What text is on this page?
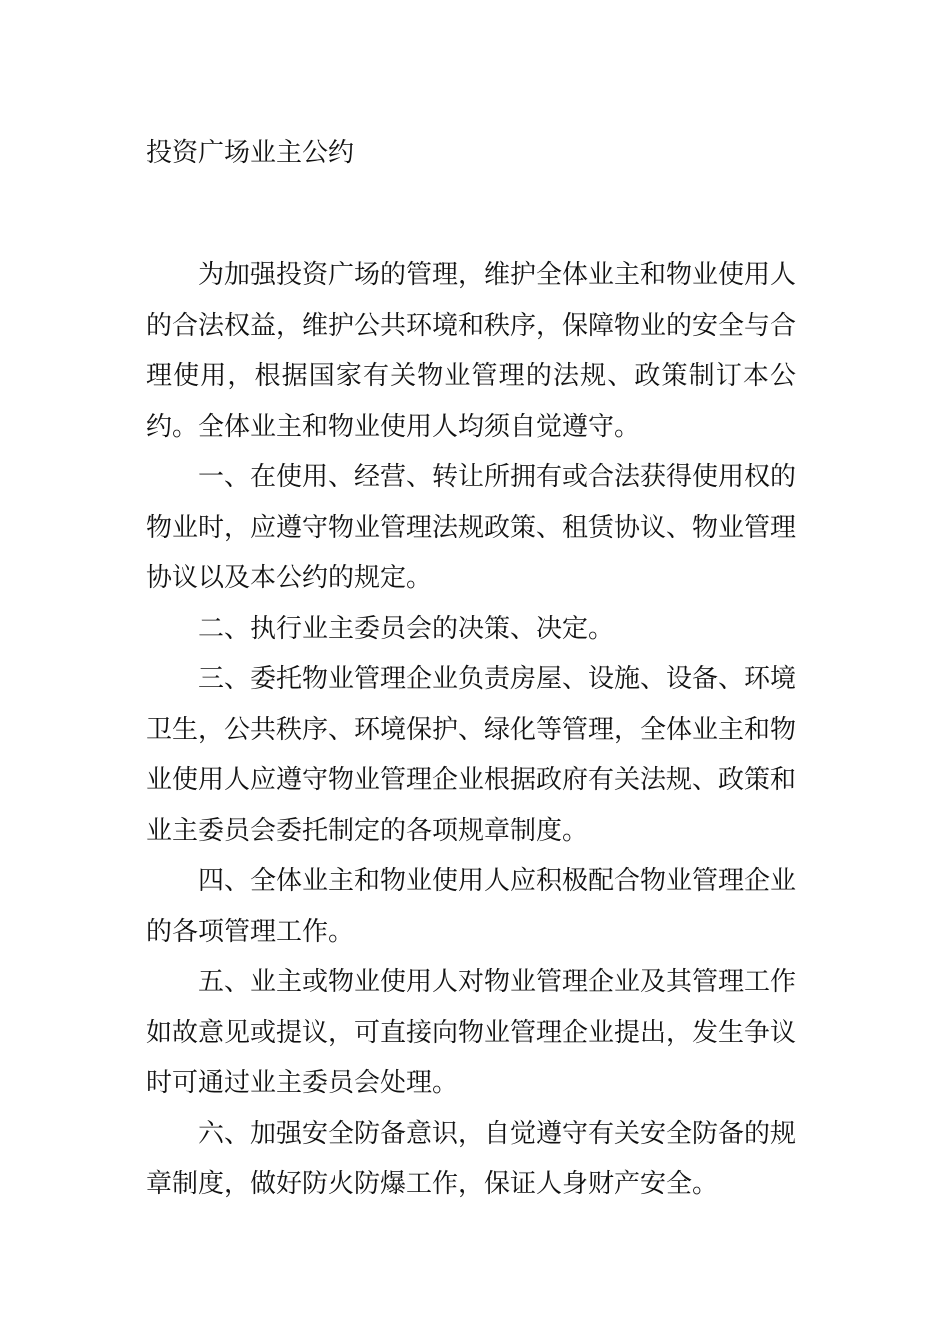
投资广场业主公约

为加强投资广场的管理，维护全体业主和物业使用人的合法权益，维护公共环境和秩序，保障物业的安全与合理使用，根据国家有关物业管理的法规、政策制订本公约。全体业主和物业使用人均须自觉遵守。

一、在使用、经营、转让所拥有或合法获得使用权的物业时，应遵守物业管理法规政策、租赁协议、物业管理协议以及本公约的规定。

二、执行业主委员会的决策、决定。

三、委托物业管理企业负责房屋、设施、设备、环境卫生，公共秩序、环境保护、绿化等管理，全体业主和物业使用人应遵守物业管理企业根据政府有关法规、政策和业主委员会委托制定的各项规章制度。

四、全体业主和物业使用人应积极配合物业管理企业的各项管理工作。

五、业主或物业使用人对物业管理企业及其管理工作如故意见或提议，可直接向物业管理企业提出，发生争议时可通过业主委员会处理。

六、加强安全防备意识，自觉遵守有关安全防备的规章制度，做好防火防爆工作，保证人身财产安全。
